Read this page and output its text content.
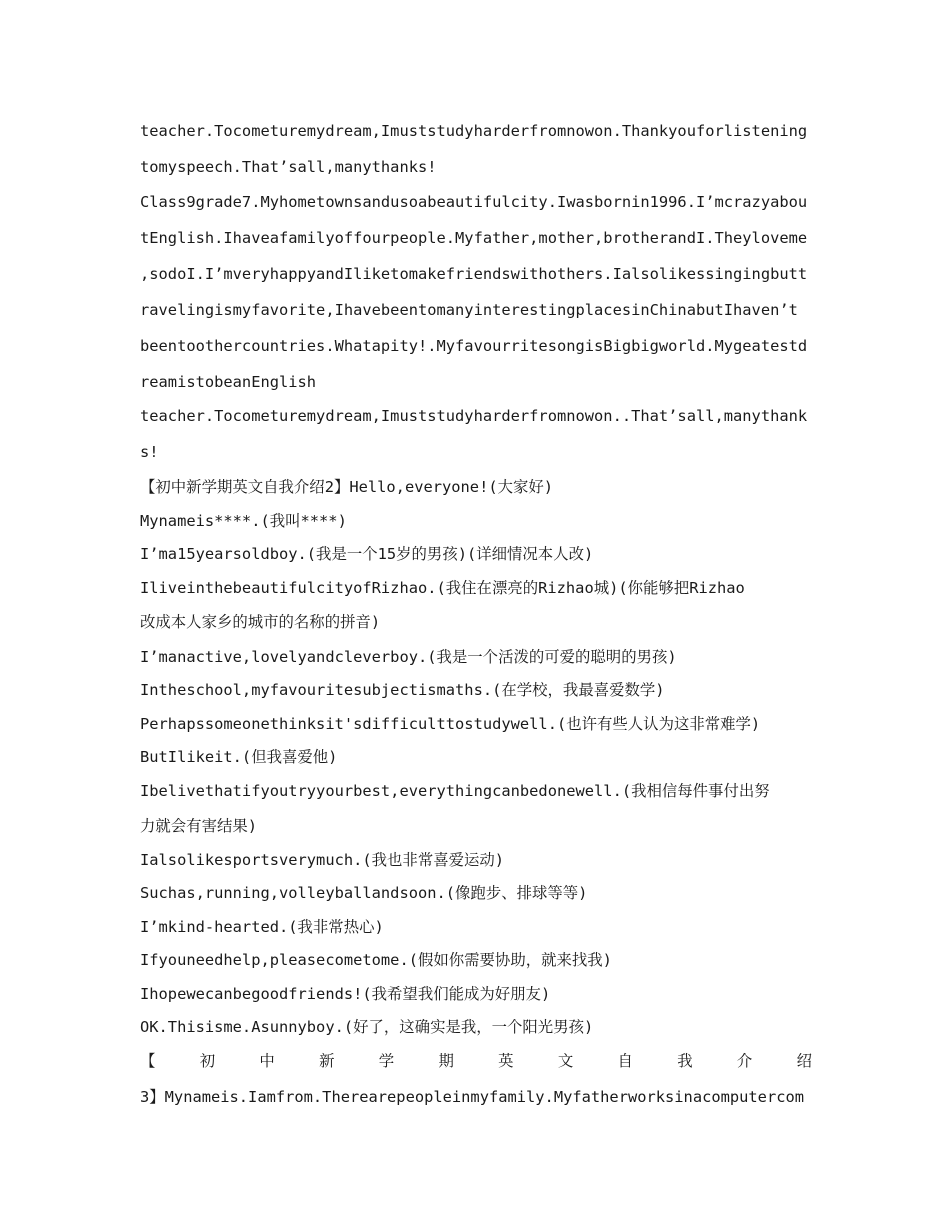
teacher.Tocometuremydream,Imuststudyharderfromnowon.Thankyouforlistening
tomyspeech.That’sall,manythanks!
Class9grade7.Myhometownsandusoabeautifulcity.Iwasbornin1996.I’mcrazyabou
tEnglish.Ihaveafamilyoffourpeople.Myfather,mother,brotherandI.Theyloveme
,sodoI.I’mveryhappyandIliketomakefriendswithothers.Ialsolikessingingbutt
ravelingismyfavorite,IhavebeentomanyinterestingplacesinChinabutIhaven’t
beentoothercountries.Whatapity!.MyfavourritesongisBigbigworld.Mygeatestd
reamistobeanEnglish
teacher.Tocometuremydream,Imuststudyharderfromnowon..That’sall,manythank
s!
【初中新学期英文自我介绍2】Hello,everyone!(大家好)
Mynameis****.(我叫****)
I’ma15yearsoldboy.(我是一个15岁的男孩)(详细情况本人改)
IliveinthebeautifulcityofRizhao.(我住在漂亮的Rizhao城)(你能够把Rizhao
改成本人家乡的城市的名称的拼音)
I’manactive,lovelyandcleverboy.(我是一个活泼的可爱的聪明的男孩)
Intheschool,myfavouritesubjectismaths.(在学校，我最喜爱数学)
Perhapssomeonethinksit'sdifficulttostudywell.(也许有些人认为这非常难学)
ButIlikeit.(但我喜爱他)
Ibelivethatifyoutryyourbest,everythingcanbedonewell.(我相信每件事付出努
力就会有害结果)
Ialsolikesportsverymuch.(我也非常喜爱运动)
Suchas,running,volleyballandsoon.(像跑步、排球等等)
I’mkind-hearted.(我非常热心)
Ifyouneedhelp,pleasecometome.(假如你需要协助，就来找我)
Ihopewecanbegoodfriends!(我希望我们能成为好朋友)
OK.Thisisme.Asunnyboy.(好了，这确实是我，一个阳光男孩)
【	初	中	新	学	期	英	文	自	我	介	绍
3】Mynameis.Iamfrom.Therearepeopleinmyfamily.Myfatherworksinacomputercom
